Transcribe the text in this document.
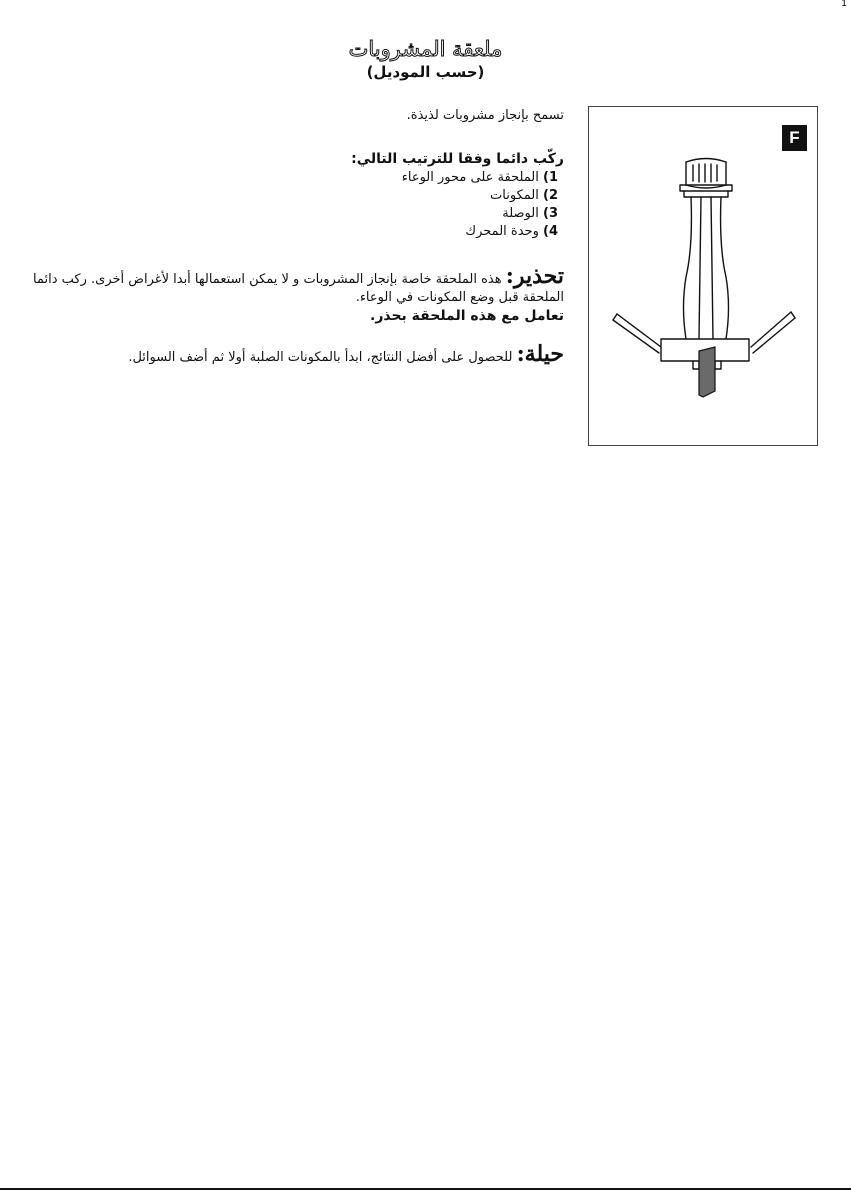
1
ملعقة المشروبات
(حسب الموديل)

تسمح بإنجاز مشروبات لذيذة.

ركّب دائما وفقا للترتيب التالي:

1) الملحقة على محور الوعاء
2) المكونات
3) الوصلة
4) وحدة المحرك

تحذير: هذه الملحقة خاصة بإنجاز المشروبات و لا يمكن استعمالها أبدا لأغراض أخرى. ركب دائما الملحقة قبل وضع المكونات في الوعاء.

تعامل مع هذه الملحقة بحذر.

حيلة: للحصول على أفضل النتائج، ابدأ بالمكونات الصلبة أولا ثم أضف السوائل.

F
